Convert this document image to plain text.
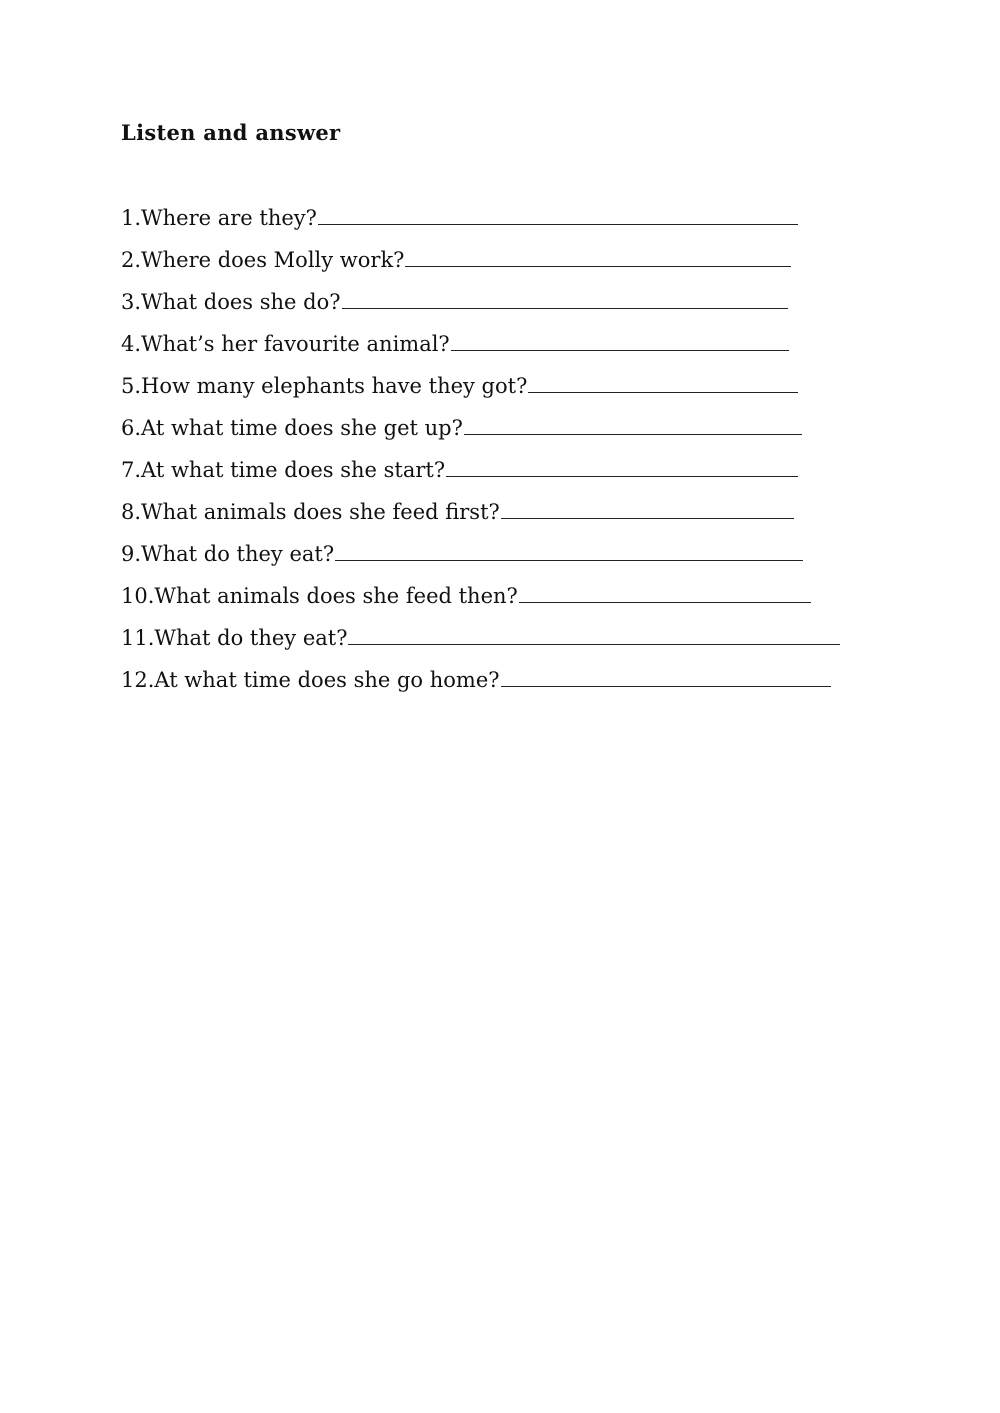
Listen and answer
1.Where are they?
2.Where does Molly work?
3.What does she do?
4.What’s her favourite animal?
5.How many elephants have they got?
6.At what time does she get up?
7.At what time does she start?
8.What animals does she feed first?
9.What do they eat?
10.What animals does she feed then?
11.What do they eat?
12.At what time does she go home?
